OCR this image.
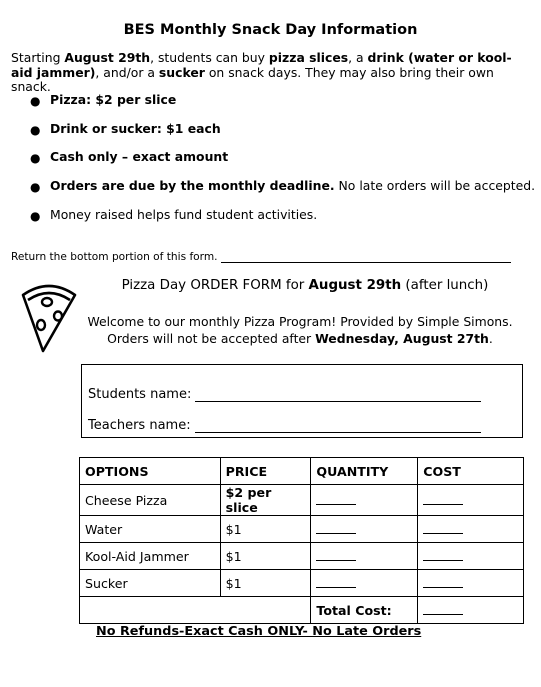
BES Monthly Snack Day Information
Starting August 29th, students can buy pizza slices, a drink (water or kool-aid jammer), and/or a sucker on snack days. They may also bring their own snack.
● Pizza: $2 per slice
● Drink or sucker: $1 each
● Cash only – exact amount
● Orders are due by the monthly deadline. No late orders will be accepted.
● Money raised helps fund student activities.
Return the bottom portion of this form.
Pizza Day ORDER FORM for August 29th (after lunch)
Welcome to our monthly Pizza Program! Provided by Simple Simons.
Orders will not be accepted after Wednesday, August 27th.
Students name:
Teachers name:
OPTIONS	PRICE	QUANTITY	COST
Cheese Pizza	$2 per slice		
Water	$1		
Kool-Aid Jammer	$1		
Sucker	$1		
		Total Cost:	
No Refunds-Exact Cash ONLY- No Late Orders
